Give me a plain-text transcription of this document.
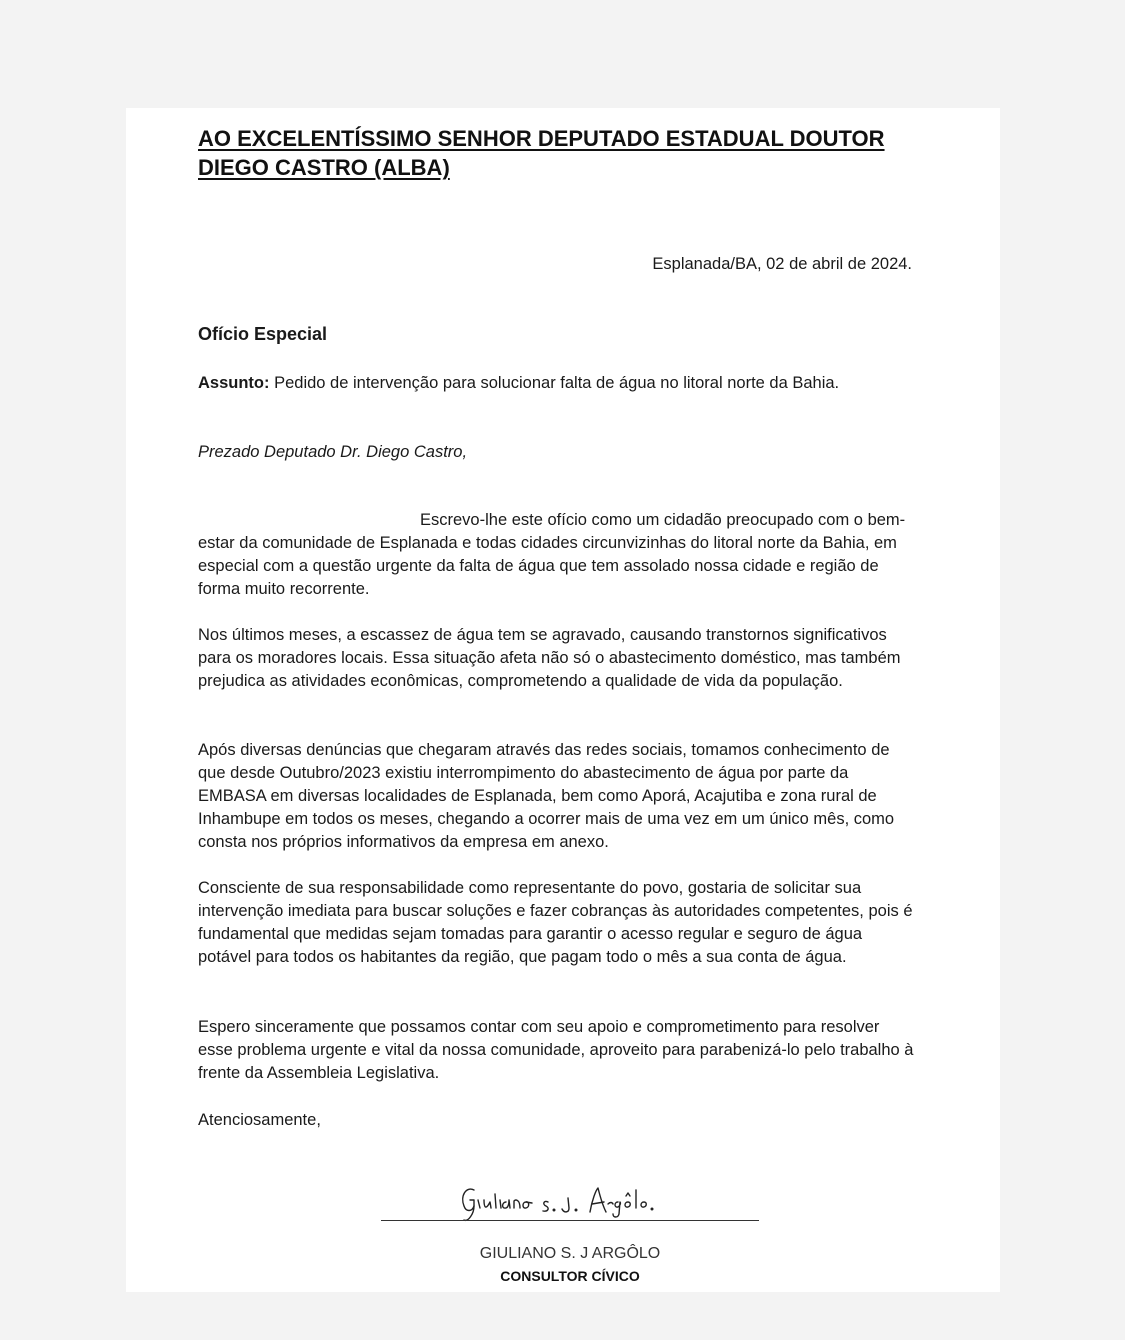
AO EXCELENTÍSSIMO SENHOR DEPUTADO ESTADUAL DOUTOR DIEGO CASTRO (ALBA)
Esplanada/BA, 02 de abril de 2024.
Ofício Especial
Assunto: Pedido de intervenção para solucionar falta de água no litoral norte da Bahia.
Prezado Deputado Dr. Diego Castro,

Escrevo-lhe este ofício como um cidadão preocupado com o bem-estar da comunidade de Esplanada e todas cidades circunvizinhas do litoral norte da Bahia, em especial com a questão urgente da falta de água que tem assolado nossa cidade e região de forma muito recorrente.

Nos últimos meses, a escassez de água tem se agravado, causando transtornos significativos para os moradores locais. Essa situação afeta não só o abastecimento doméstico, mas também prejudica as atividades econômicas, comprometendo a qualidade de vida da população.

Após diversas denúncias que chegaram através das redes sociais, tomamos conhecimento de que desde Outubro/2023 existiu interrompimento do abastecimento de água por parte da EMBASA em diversas localidades de Esplanada, bem como Aporá, Acajutiba e zona rural de Inhambupe em todos os meses, chegando a ocorrer mais de uma vez em um único mês, como consta nos próprios informativos da empresa em anexo.

Consciente de sua responsabilidade como representante do povo, gostaria de solicitar sua intervenção imediata para buscar soluções e fazer cobranças às autoridades competentes, pois é fundamental que medidas sejam tomadas para garantir o acesso regular e seguro de água potável para todos os habitantes da região, que pagam todo o mês a sua conta de água.

Espero sinceramente que possamos contar com seu apoio e comprometimento para resolver esse problema urgente e vital da nossa comunidade, aproveito para parabenizá-lo pelo trabalho à frente da Assembleia Legislativa.

Atenciosamente,
GIULIANO S. J ARGÔLO
CONSULTOR CÍVICO
